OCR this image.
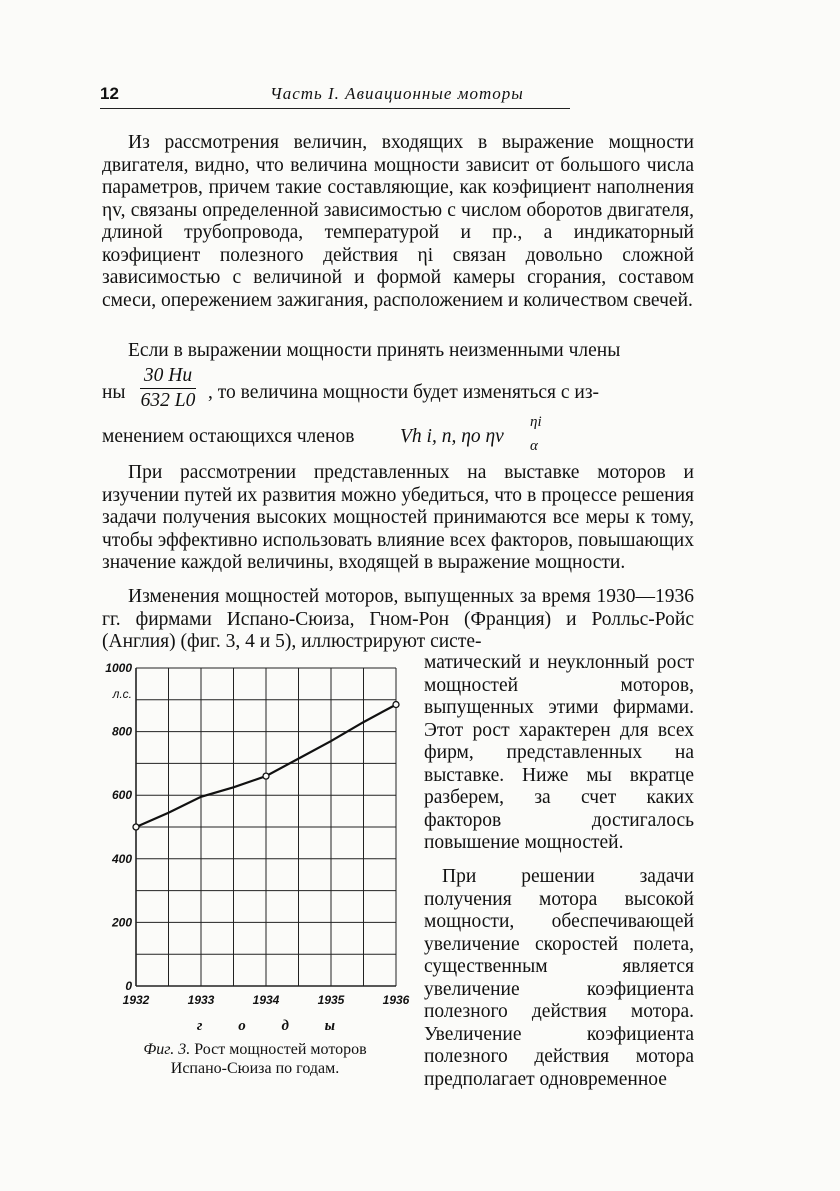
12	Часть I. Авиационные моторы

Из рассмотрения величин, входящих в выражение мощности двигателя, видно, что величина мощности зависит от большого числа параметров, причем такие составляющие, как коэфициент наполнения ηv, связаны определенной зависимостью с числом оборотов двигателя, длиной трубопровода, температурой и пр., а индикаторный коэфициент полезного действия ηi связан довольно сложной зависимостью с величиной и формой камеры сгорания, составом смеси, опережением зажигания, расположением и количеством свечей.

Если в выражении мощности принять неизменными члены

ны
30 Hu
632 L0 , то величина мощности будет изменяться с из-
менением остающихся членов Vh i, n, ηo ηv
ηi
α

При рассмотрении представленных на выставке моторов и изучении путей их развития можно убедиться, что в процессе решения задачи получения высоких мощностей принимаются все меры к тому, чтобы эффективно использовать влияние всех факторов, повышающих значение каждой величины, входящей в выражение мощности.

Изменения мощностей моторов, выпущенных за время 1930—1936 гг. фирмами Испано-Сюиза, Гном-Рон (Франция) и Ролльс-Ройс (Англия) (фиг. 3, 4 и 5), иллюстрируют систе-

0
200
400
600
800
1000
л.с.
1932	1933	1934	1935	1936
г о д ы
Фиг. 3. Рост мощностей моторов
Испано-Сюиза по годам.

матический и неуклонный рост мощностей моторов, выпущенных этими фирмами. Этот рост характерен для всех фирм, представленных на выставке. Ниже мы вкратце разберем, за счет каких факторов достигалось повышение мощностей.

При решении задачи получения мотора высокой мощности, обеспечивающей увеличение скоростей полета, существенным является увеличение коэфициента полезного действия мотора. Увеличение коэфициента полезного действия мотора предполагает одновременное
